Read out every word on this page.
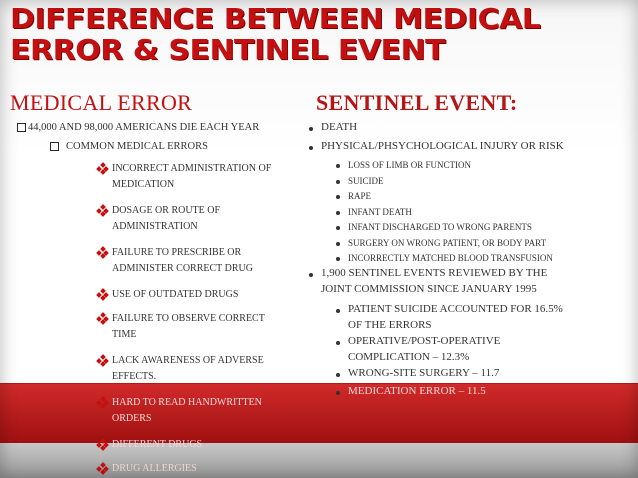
DIFFERENCE BETWEEN MEDICAL
ERROR & SENTINEL EVENT
MEDICAL ERROR
44,000 AND 98,000 AMERICANS DIE EACH YEAR
COMMON MEDICAL ERRORS
INCORRECT ADMINISTRATION OF
MEDICATION
DOSAGE OR ROUTE OF
ADMINISTRATION
FAILURE TO PRESCRIBE OR
ADMINISTER CORRECT DRUG
USE OF OUTDATED DRUGS
FAILURE TO OBSERVE CORRECT
TIME
LACK AWARENESS OF ADVERSE
EFFECTS.
HARD TO READ HANDWRITTEN
ORDERS
DIFFERENT DRUGS
DRUG ALLERGIES
SENTINEL EVENT:
DEATH
PHYSICAL/PHSYCHOLOGICAL INJURY OR RISK
LOSS OF LIMB OR FUNCTION
SUICIDE
RAPE
INFANT DEATH
INFANT DISCHARGED TO WRONG PARENTS
SURGERY ON WRONG PATIENT, OR BODY PART
INCORRECTLY MATCHED BLOOD TRANSFUSION
1,900 SENTINEL EVENTS REVIEWED BY THE
JOINT COMMISSION SINCE JANUARY 1995
PATIENT SUICIDE ACCOUNTED FOR 16.5%
OF THE ERRORS
OPERATIVE/POST-OPERATIVE
COMPLICATION – 12.3%
WRONG-SITE SURGERY – 11.7
MEDICATION ERROR – 11.5
